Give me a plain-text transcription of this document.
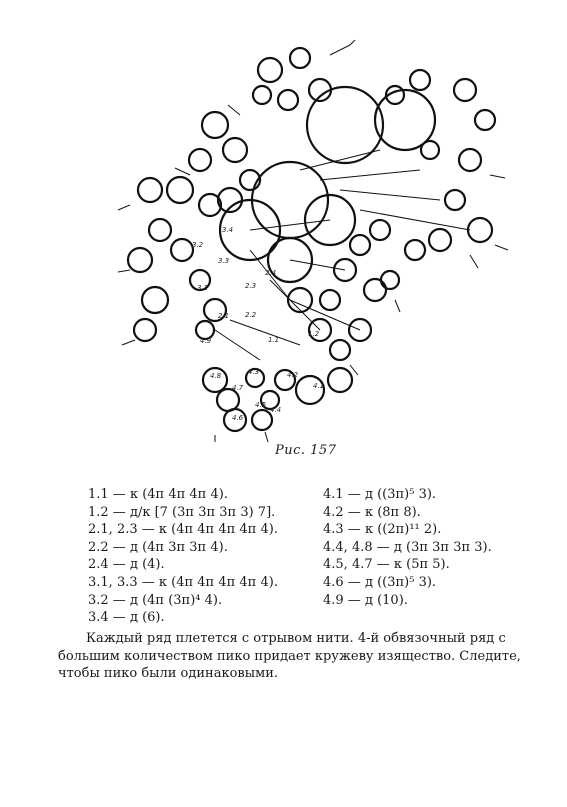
1.1
1.2
2.1 2.2
2.3
2.4
3.1
3.2
3.3
3.4
4.1
4.2
4.3
4.4
4.5
4.6
4.7
4.8
4.9
Рис. 157
1.1 — к (4п 4п 4п 4).
1.2 — д/к [7 (3п 3п 3п 3) 7].
2.1, 2.3 — к (4п 4п 4п 4п 4).
2.2 — д (4п 3п 3п 4).
2.4 — д (4).
3.1, 3.3 — к (4п 4п 4п 4п 4).
3.2 — д (4п (3п)⁴ 4).
3.4 — д (6).
4.1 — д ((3п)⁵ 3).
4.2 — к (8п 8).
4.3 — к ((2п)¹¹ 2).
4.4, 4.8 — д (3п 3п 3п 3).
4.5, 4.7 — к (5п 5).
4.6 — д ((3п)⁵ 3).
4.9 — д (10).
Каждый ряд плетется с отрывом нити. 4-й обвязочный ряд с
большим количеством пико придает кружеву изящество. Следите,
чтобы пико были одинаковыми.
